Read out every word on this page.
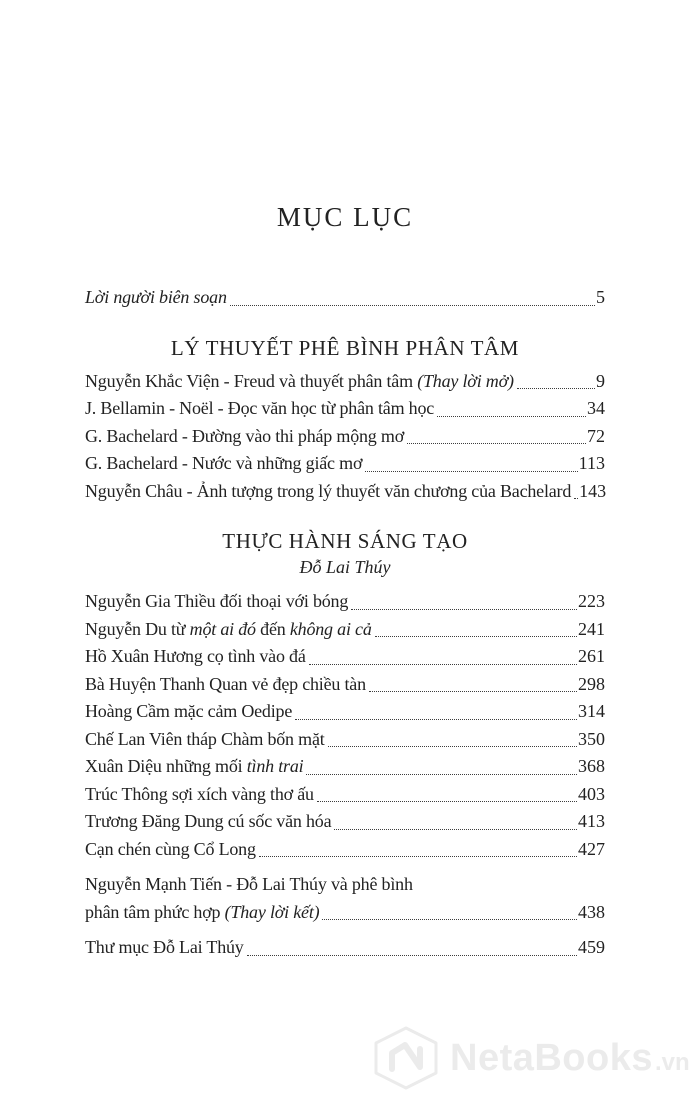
MỤC LỤC
Lời người biên soạn	5
LÝ THUYẾT PHÊ BÌNH PHÂN TÂM
Nguyễn Khắc Viện - Freud và thuyết phân tâm (Thay lời mở)	9
J. Bellamin - Noël - Đọc văn học từ phân tâm học	34
G. Bachelard - Đường vào thi pháp mộng mơ	72
G. Bachelard - Nước và những giấc mơ	113
Nguyễn Châu - Ảnh tượng trong lý thuyết văn chương của Bachelard 143
THỰC HÀNH SÁNG TẠO
Đỗ Lai Thúy
Nguyễn Gia Thiều đối thoại với bóng	223
Nguyễn Du từ một ai đó đến không ai cả	241
Hồ Xuân Hương cọ tình vào đá	261
Bà Huyện Thanh Quan vẻ đẹp chiều tàn	298
Hoàng Cầm mặc cảm Oedipe	314
Chế Lan Viên tháp Chàm bốn mặt	350
Xuân Diệu những mối tình trai	368
Trúc Thông sợi xích vàng thơ ấu	403
Trương Đăng Dung cú sốc văn hóa	413
Cạn chén cùng Cổ Long	427
Nguyễn Mạnh Tiến - Đỗ Lai Thúy và phê bình
phân tâm phức hợp (Thay lời kết)	438
Thư mục Đỗ Lai Thúy	459
NetaBooks .vn
